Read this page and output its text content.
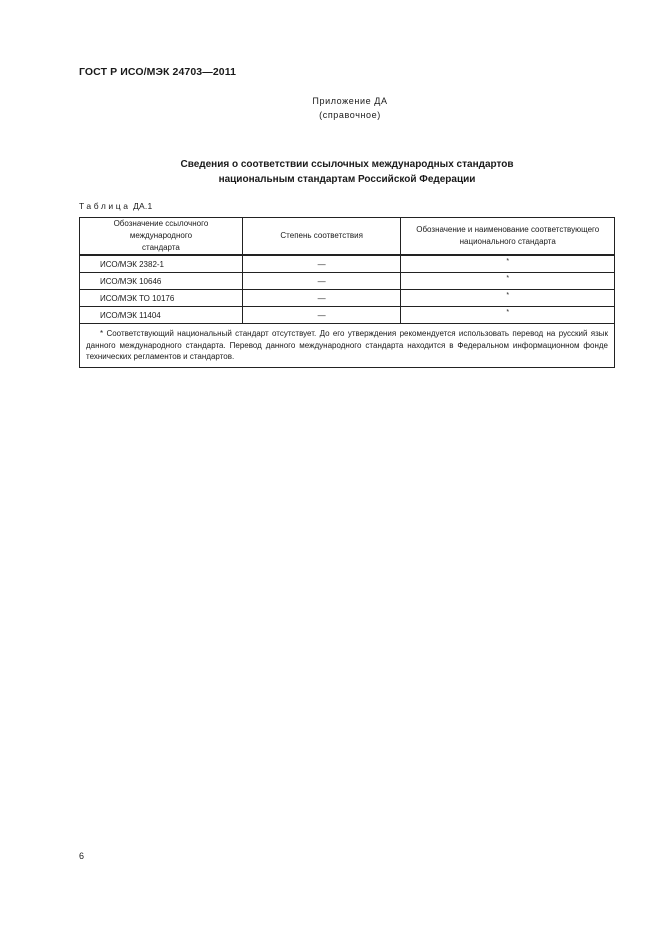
ГОСТ Р ИСО/МЭК 24703—2011
Приложение ДА
(справочное)
Сведения о соответствии ссылочных международных стандартов
национальным стандартам Российской Федерации
Таблица ДА.1
Обозначение ссылочного международного стандарта	Степень соответствия	Обозначение и наименование соответствующего национального стандарта

ИСО/МЭК 2382-1	—	*
ИСО/МЭК 10646	—	*
ИСО/МЭК ТО 10176	—	*
ИСО/МЭК 11404	—	*

* Соответствующий национальный стандарт отсутствует. До его утверждения рекомендуется использовать перевод на русский язык данного международного стандарта. Перевод данного международного стандарта находится в Федеральном информационном фонде технических регламентов и стандартов.		
6
